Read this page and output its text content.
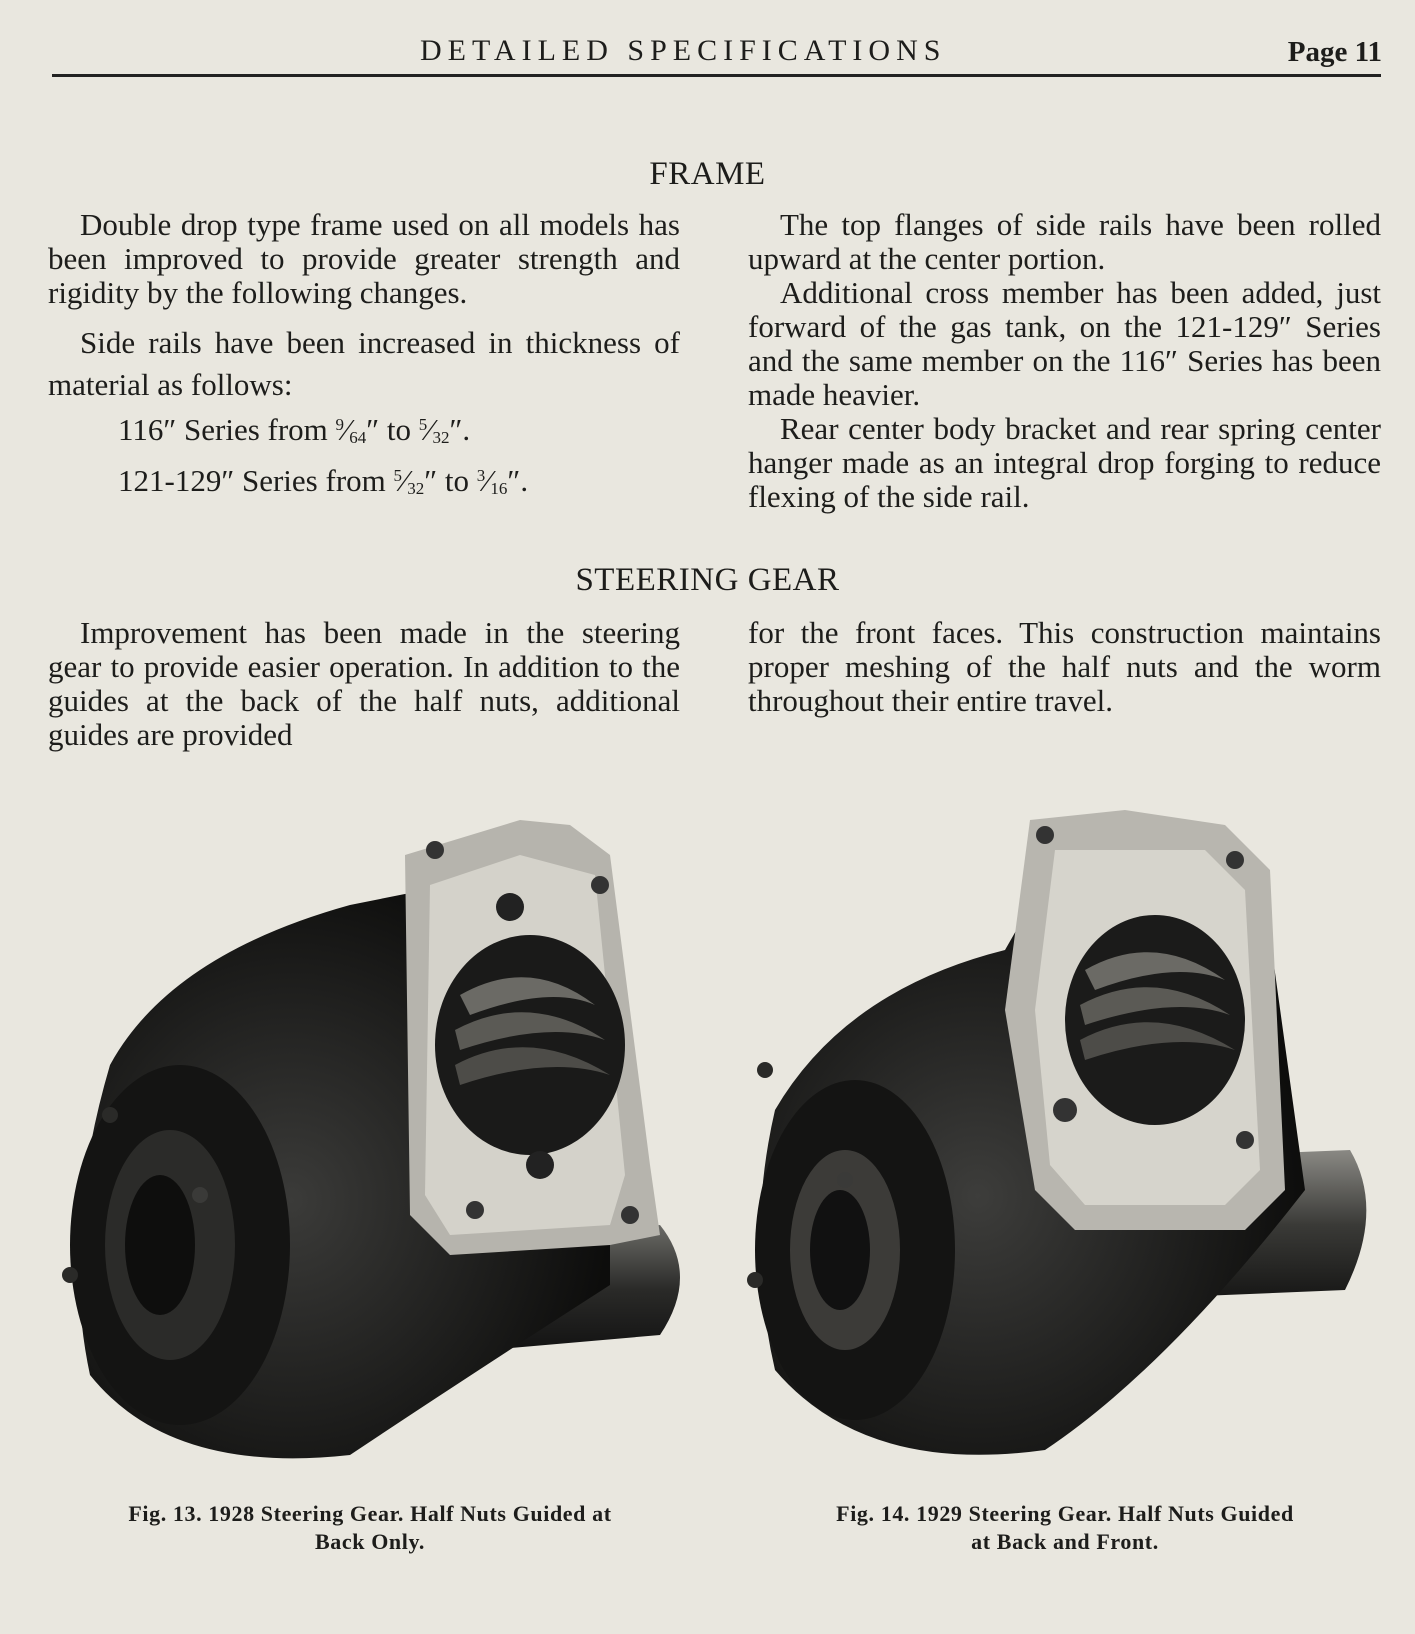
DETAILED SPECIFICATIONS	Page 11
FRAME

Double drop type frame used on all models has been improved to provide greater strength and rigidity by the following changes.

Side rails have been increased in thickness of material as follows:

116″ Series from $^9$⁄64″ to $^5$⁄32″.

121-129″ Series from $^5$⁄32″ to $^3$⁄16″.

The top flanges of side rails have been rolled upward at the center portion.

Additional cross member has been added, just forward of the gas tank, on the 121-129″ Series and the same member on the 116″ Series has been made heavier.

Rear center body bracket and rear spring center hanger made as an integral drop forging to reduce flexing of the side rail.

STEERING GEAR

Improvement has been made in the steering gear to provide easier operation. In addition to the guides at the back of the half nuts, additional guides are provided

for the front faces. This construction maintains proper meshing of the half nuts and the worm throughout their entire travel.

Fig. 13. 1928 Steering Gear. Half Nuts Guided at
Back Only.
Fig. 14. 1929 Steering Gear. Half Nuts Guided
at Back and Front.
